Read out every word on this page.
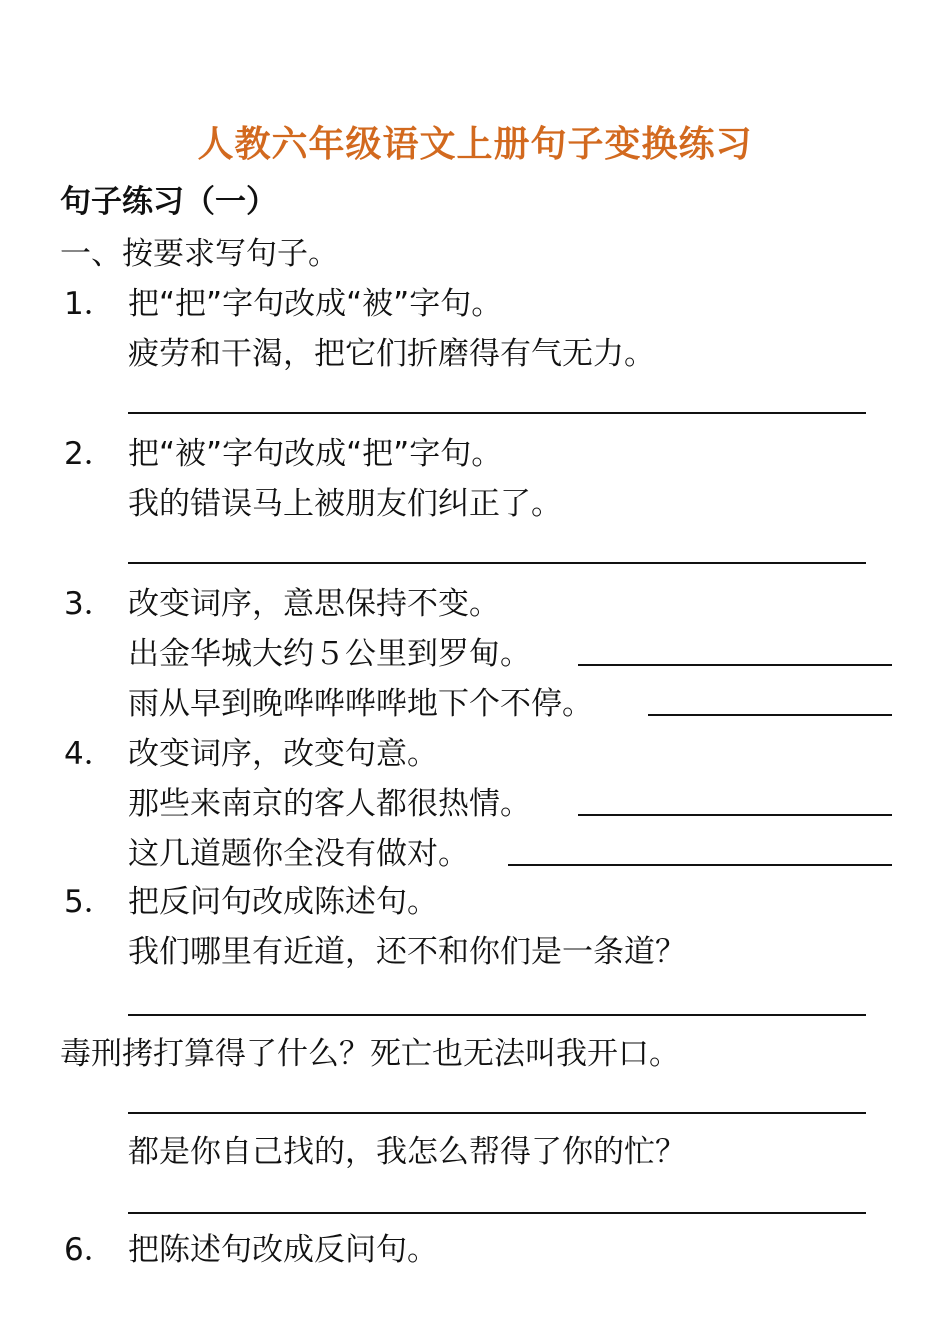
人教六年级语文上册句子变换练习
句子练习（一）
一、按要求写句子。
1． 把“把”字句改成“被”字句。
疲劳和干渴，把它们折磨得有气无力。
2． 把“被”字句改成“把”字句。
我的错误马上被朋友们纠正了。
3． 改变词序，意思保持不变。
出金华城大约５公里到罗甸。
雨从早到晚哗哗哗哗地下个不停。
4． 改变词序，改变句意。
那些来南京的客人都很热情。
这几道题你全没有做对。
5． 把反问句改成陈述句。
我们哪里有近道，还不和你们是一条道？
毒刑拷打算得了什么？死亡也无法叫我开口。
都是你自己找的，我怎么帮得了你的忙？
6． 把陈述句改成反问句。
